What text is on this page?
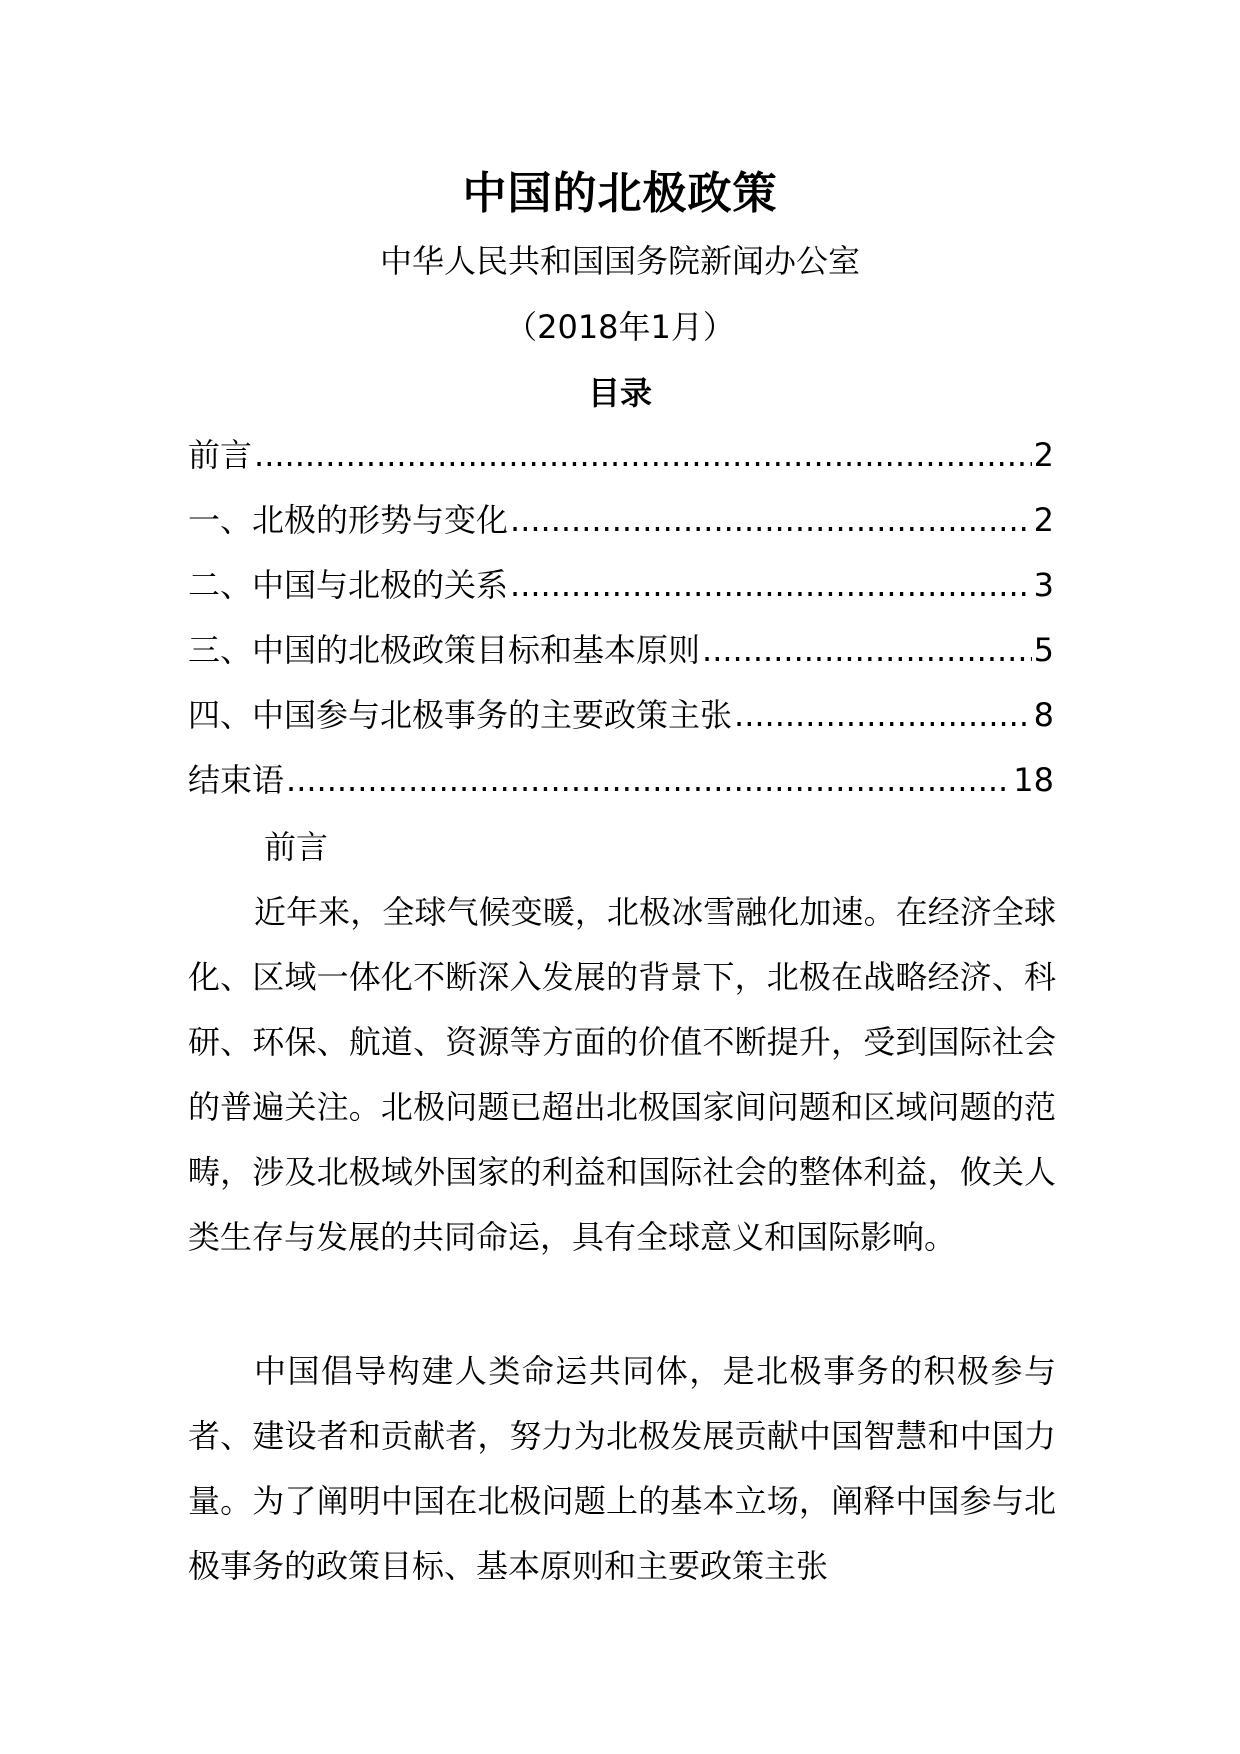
中国的北极政策
中华人民共和国国务院新闻办公室
（2018年1月）
目录
前言 .....	2
一、北极的形势与变化 .....	2
二、中国与北极的关系 .....	3
三、中国的北极政策目标和基本原则 .....	5
四、中国参与北极事务的主要政策主张 .....	8
结束语 .....	18
前言

近年来，全球气候变暖，北极冰雪融化加速。在经济全球化、区域一体化不断深入发展的背景下，北极在战略经济、科研、环保、航道、资源等方面的价值不断提升，受到国际社会的普遍关注。北极问题已超出北极国家间问题和区域问题的范畴，涉及北极域外国家的利益和国际社会的整体利益，攸关人类生存与发展的共同命运，具有全球意义和国际影响。

中国倡导构建人类命运共同体，是北极事务的积极参与者、建设者和贡献者，努力为北极发展贡献中国智慧和中国力量。为了阐明中国在北极问题上的基本立场，阐释中国参与北极事务的政策目标、基本原则和主要政策主张
